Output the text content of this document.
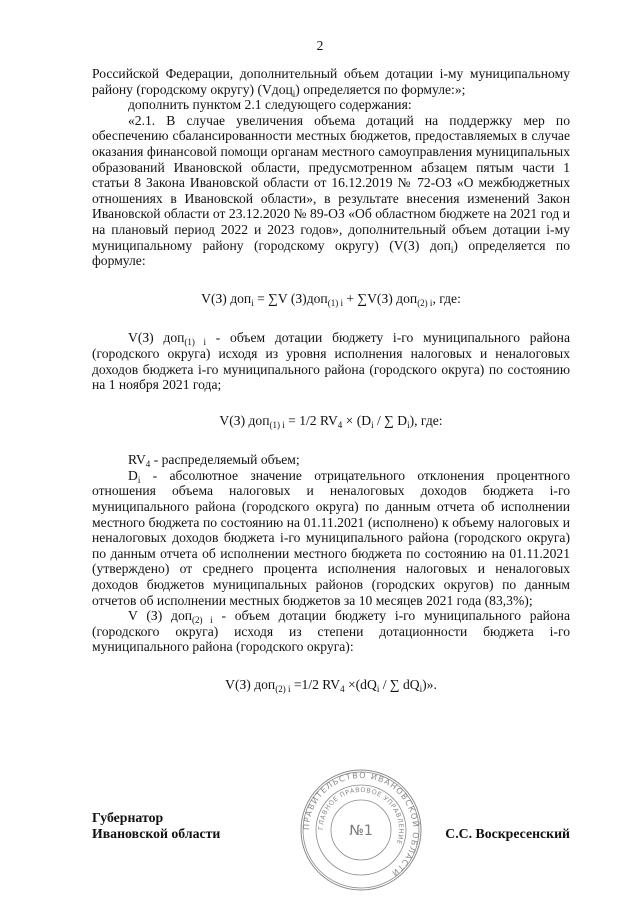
2

Российской Федерации, дополнительный объем дотации i-му муниципальному району (городскому округу) (Vдоц$_i$) определяется по формуле:»;

дополнить пунктом 2.1 следующего содержания:

«2.1. В случае увеличения объема дотаций на поддержку мер по обеспечению сбалансированности местных бюджетов, предоставляемых в случае оказания финансовой помощи органам местного самоуправления муниципальных образований Ивановской области, предусмотренном абзацем пятым части 1 статьи 8 Закона Ивановской области от 16.12.2019 № 72-ОЗ «О межбюджетных отношениях в Ивановской области», в результате внесения изменений Закон Ивановской области от 23.12.2020 № 89-ОЗ «Об областном бюджете на 2021 год и на плановый период 2022 и 2023 годов», дополнительный объем дотации i-му муниципальному району (городскому округу) (V(З) доп$_i$) определяется по формуле:

V(З) доп$_i$ = ∑V (З)доп$_{(1) i}$ + ∑V(З) доп$_{(2) i}$, где:

V(З) доп$_{(1) i}$ - объем дотации бюджету i-го муниципального района (городского округа) исходя из уровня исполнения налоговых и неналоговых доходов бюджета i-го муниципального района (городского округа) по состоянию на 1 ноября 2021 года;

V(З) доп$_{(1) i}$ = 1/2 $RV_4 \times (D_i$ / ∑ $D_i$), где:

$RV_4$ - распределяемый объем;

$D_i$ - абсолютное значение отрицательного отклонения процентного отношения объема налоговых и неналоговых доходов бюджета i-го муниципального района (городского округа) по данным отчета об исполнении местного бюджета по состоянию на 01.11.2021 (исполнено) к объему налоговых и неналоговых доходов бюджета i-го муниципального района (городского округа) по данным отчета об исполнении местного бюджета по состоянию на 01.11.2021 (утверждено) от среднего процента исполнения налоговых и неналоговых доходов бюджетов муниципальных районов (городских округов) по данным отчетов об исполнении местных бюджетов за 10 месяцев 2021 года (83,3%);

V (З) доп$_{(2) i}$ - объем дотации бюджету i-го муниципального района (городского округа) исходя из степени дотационности бюджета i-го муниципального района (городского округа):

V(З) доп$_{(2) i}$ =1/2 $RV_4 \times(dQ_i$ / ∑ $dQ_i$)».

ПРАВИТЕЛЬСТВО ИВАНОВСКОЙ ОБЛАСТИ
ГЛАВНОЕ ПРАВОВОЕ УПРАВЛЕНИЕ
№1
Губернатор
Ивановской области	С.С. Воскресенский
